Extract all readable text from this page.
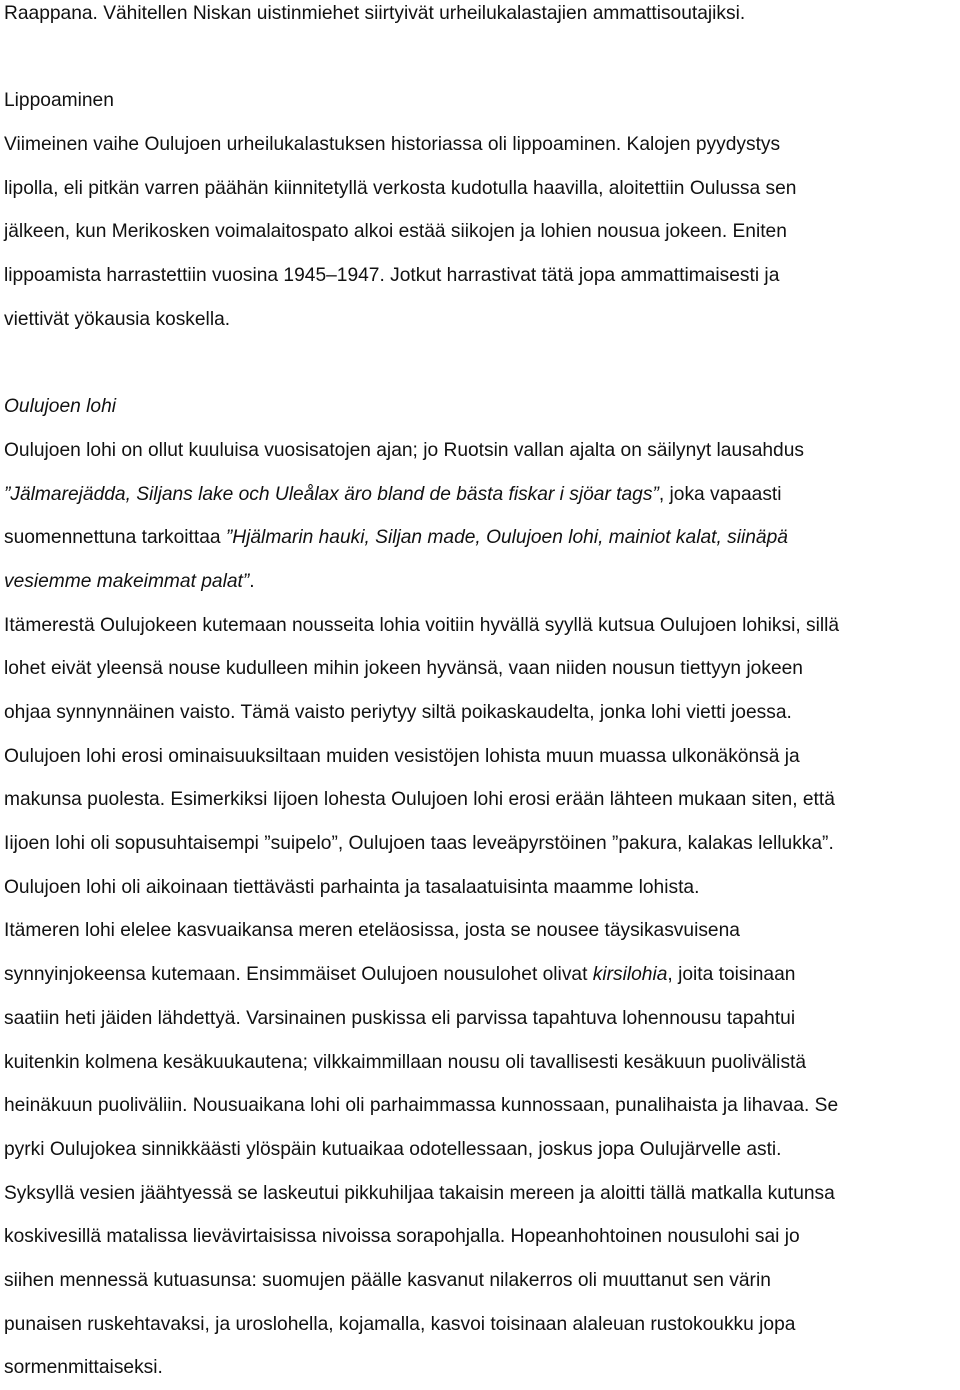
Raappana. Vähitellen Niskan uistinmiehet siirtyivät urheilukalastajien ammattisoutajiksi.
Lippoaminen
Viimeinen vaihe Oulujoen urheilukalastuksen historiassa oli lippoaminen. Kalojen pyydystys
lipolla, eli pitkän varren päähän kiinnitetyllä verkosta kudotulla haavilla, aloitettiin Oulussa sen
jälkeen, kun Merikosken voimalaitospato alkoi estää siikojen ja lohien nousua jokeen. Eniten
lippoamista harrastettiin vuosina 1945–1947. Jotkut harrastivat tätä jopa ammattimaisesti ja
viettivät yökausia koskella.
Oulujoen lohi
Oulujoen lohi on ollut kuuluisa vuosisatojen ajan; jo Ruotsin vallan ajalta on säilynyt lausahdus
”Jälmarejädda, Siljans lake och Uleålax äro bland de bästa fiskar i sjöar tags”, joka vapaasti
suomennettuna tarkoittaa ”Hjälmarin hauki, Siljan made, Oulujoen lohi, mainiot kalat, siinäpä
vesiemme makeimmat palat”.
Itämerestä Oulujokeen kutemaan nousseita lohia voitiin hyvällä syyllä kutsua Oulujoen lohiksi, sillä
lohet eivät yleensä nouse kudulleen mihin jokeen hyvänsä, vaan niiden nousun tiettyyn jokeen
ohjaa synnynnäinen vaisto. Tämä vaisto periytyy siltä poikaskaudelta, jonka lohi vietti joessa.
Oulujoen lohi erosi ominaisuuksiltaan muiden vesistöjen lohista muun muassa ulkonäkönsä ja
makunsa puolesta. Esimerkiksi Iijoen lohesta Oulujoen lohi erosi erään lähteen mukaan siten, että
Iijoen lohi oli sopusuhtaisempi ”suipelo”, Oulujoen taas leveäpyrstöinen ”pakura, kalakas lellukka”.
Oulujoen lohi oli aikoinaan tiettävästi parhainta ja tasalaatuisinta maamme lohista.
Itämeren lohi elelee kasvuaikansa meren eteläosissa, josta se nousee täysikasvuisena
synnyinjokeensa kutemaan. Ensimmäiset Oulujoen nousulohet olivat kirsilohia, joita toisinaan
saatiin heti jäiden lähdettyä. Varsinainen puskissa eli parvissa tapahtuva lohennousu tapahtui
kuitenkin kolmena kesäkuukautena; vilkkaimmillaan nousu oli tavallisesti kesäkuun puolivälistä
heinäkuun puoliväliin. Nousuaikana lohi oli parhaimmassa kunnossaan, punalihaista ja lihavaa. Se
pyrki Oulujokea sinnikkäästi ylöspäin kutuaikaa odotellessaan, joskus jopa Oulujärvelle asti.
Syksyllä vesien jäähtyessä se laskeutui pikkuhiljaa takaisin mereen ja aloitti tällä matkalla kutunsa
koskivesillä matalissa lievävirtaisissa nivoissa sorapohjalla. Hopeanhohtoinen nousulohi sai jo
siihen mennessä kutuasunsa: suomujen päälle kasvanut nilakerros oli muuttanut sen värin
punaisen ruskehtavaksi, ja uroslohella, kojamalla, kasvoi toisinaan alaleuan rustokoukku jopa
sormenmittaiseksi.
